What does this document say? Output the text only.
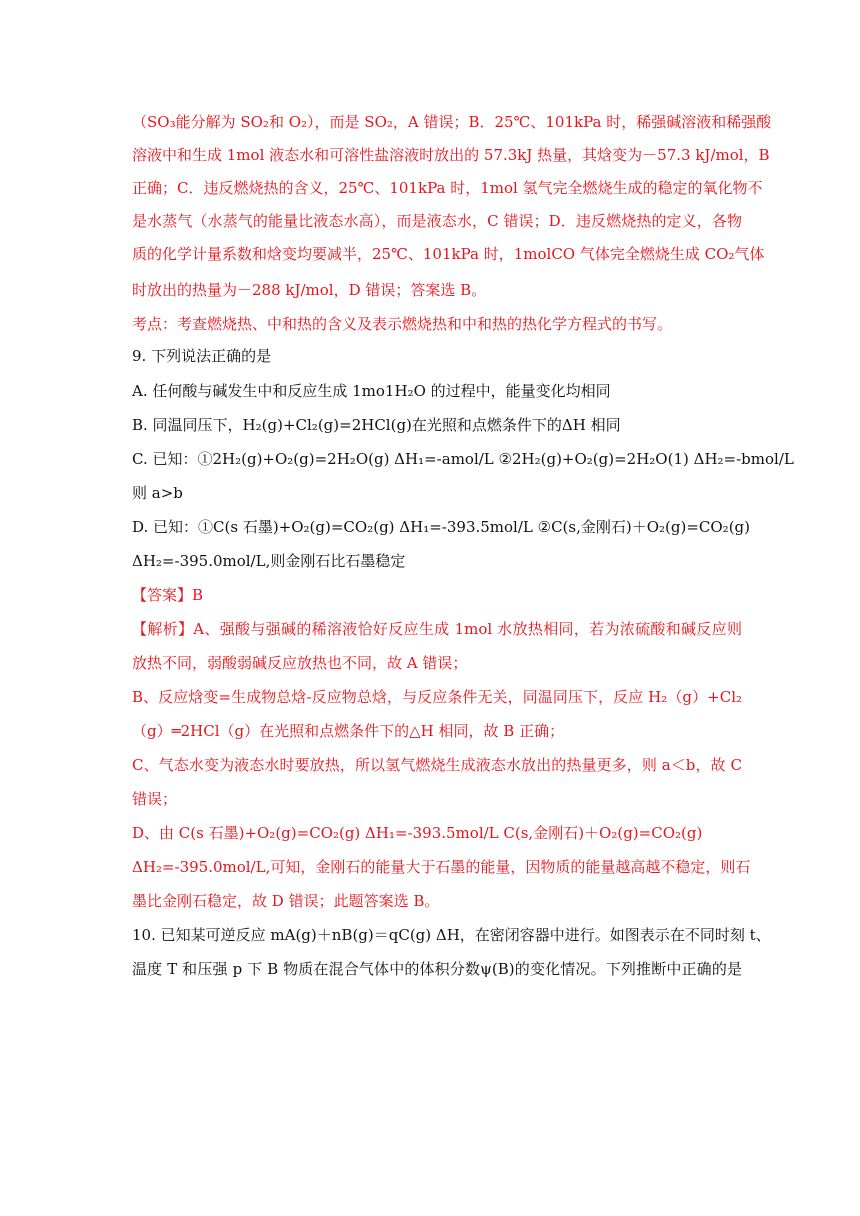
（SO₃能分解为 SO₂和 O₂），而是 SO₂，A 错误；B．25℃、101kPa 时，稀强碱溶液和稀强酸
溶液中和生成 1mol 液态水和可溶性盐溶液时放出的 57.3kJ 热量，其焓变为－57.3 kJ/mol，B
正确；C．违反燃烧热的含义，25℃、101kPa 时，1mol 氢气完全燃烧生成的稳定的氧化物不
是水蒸气（水蒸气的能量比液态水高），而是液态水，C 错误；D．违反燃烧热的定义，各物
质的化学计量系数和焓变均要减半，25℃、101kPa 时，1molCO 气体完全燃烧生成 CO₂气体
时放出的热量为－288 kJ/mol，D 错误；答案选 B。
考点：考查燃烧热、中和热的含义及表示燃烧热和中和热的热化学方程式的书写。
9. 下列说法正确的是
A. 任何酸与碱发生中和反应生成 1mo1H₂O 的过程中，能量变化均相同
B. 同温同压下，H₂(g)+Cl₂(g)=2HCl(g)在光照和点燃条件下的ΔH 相同
C. 已知：①2H₂(g)+O₂(g)=2H₂O(g) ΔH₁=-amol/L ②2H₂(g)+O₂(g)=2H₂O(1) ΔH₂=-bmol/L
则 a>b
D. 已知：①C(s 石墨)+O₂(g)=CO₂(g) ΔH₁=-393.5mol/L ②C(s,金刚石)＋O₂(g)=CO₂(g)
ΔH₂=-395.0mol/L,则金刚石比石墨稳定
【答案】B
【解析】A、强酸与强碱的稀溶液恰好反应生成 1mol 水放热相同，若为浓硫酸和碱反应则
放热不同，弱酸弱碱反应放热也不同，故 A 错误；
B、反应焓变=生成物总焓-反应物总焓，与反应条件无关，同温同压下，反应 H₂（g）+Cl₂
（g）═2HCl（g）在光照和点燃条件下的△H 相同，故 B 正确；
C、气态水变为液态水时要放热，所以氢气燃烧生成液态水放出的热量更多，则 a＜b，故 C
错误；
D、由 C(s 石墨)+O₂(g)=CO₂(g) ΔH₁=-393.5mol/L C(s,金刚石)＋O₂(g)=CO₂(g)
ΔH₂=-395.0mol/L,可知，金刚石的能量大于石墨的能量，因物质的能量越高越不稳定，则石
墨比金刚石稳定，故 D 错误；此题答案选 B。
10. 已知某可逆反应 mA(g)＋nB(g)＝qC(g) ΔH，在密闭容器中进行。如图表示在不同时刻 t、
温度 T 和压强 p 下 B 物质在混合气体中的体积分数ψ(B)的变化情况。下列推断中正确的是
